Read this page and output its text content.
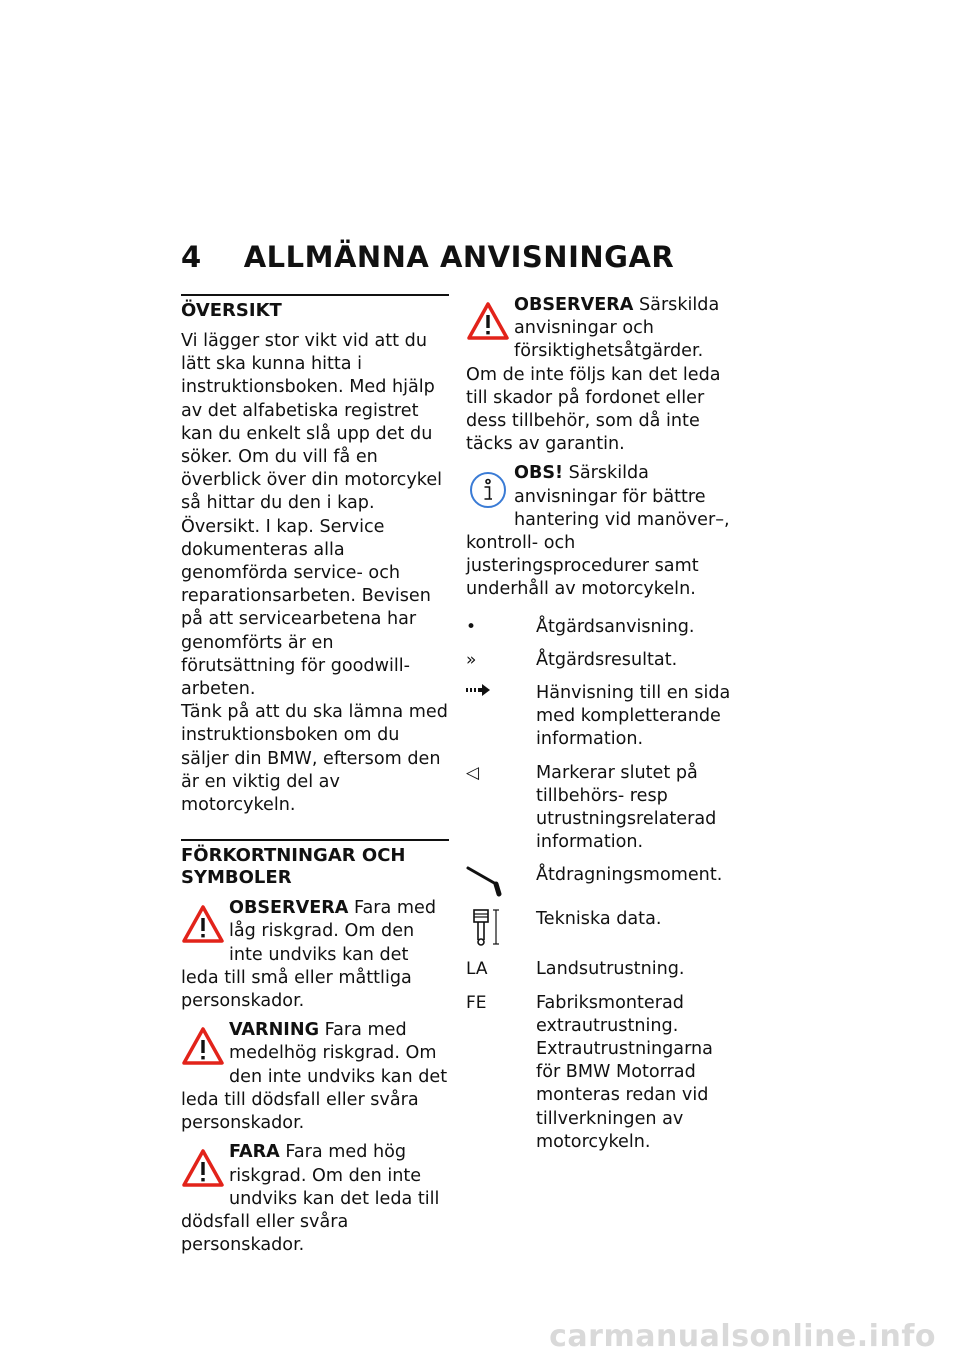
4 ALLMÄNNA ANVISNINGAR
ÖVERSIKT

Vi lägger stor vikt vid att du lätt ska kunna hitta i instruktionsboken. Med hjälp av det alfabetiska registret kan du enkelt slå upp det du söker. Om du vill få en överblick över din motorcykel så hittar du den i kap. Översikt. I kap. Service dokumenteras alla genomförda service- och reparationsarbeten. Bevisen på att servicearbetena har genomförts är en förutsättning för goodwill-arbeten.

Tänk på att du ska lämna med instruktionsboken om du säljer din BMW, eftersom den är en viktig del av motorcykeln.

FÖRKORTNINGAR OCH SYMBOLER
OBSERVERA Fara med låg riskgrad. Om den inte undviks kan det leda till små eller måttliga personskador.
VARNING Fara med medelhög riskgrad. Om den inte undviks kan det leda till dödsfall eller svåra personskador.
FARA Fara med hög riskgrad. Om den inte undviks kan det leda till dödsfall eller svåra personskador.
OBSERVERA Särskilda anvisningar och försiktighetsåtgärder. Om de inte följs kan det leda till skador på fordonet eller dess tillbehör, som då inte täcks av garantin.
OBS! Särskilda anvisningar för bättre hantering vid manöver–, kontroll- och justeringsprocedurer samt underhåll av motorcykeln.
•	Åtgärdsanvisning.
»	Åtgärdsresultat.
Hänvisning till en sida med kompletterande information.
◁	Markerar slutet på tillbehörs- resp utrustningsrelaterad information.
Åtdragningsmoment.
Tekniska data.
LA	Landsutrustning.
FE	Fabriksmonterad extrautrustning. Extrautrustningarna för BMW Motorrad monteras redan vid tillverkningen av motorcykeln.
carmanualsonline.info
